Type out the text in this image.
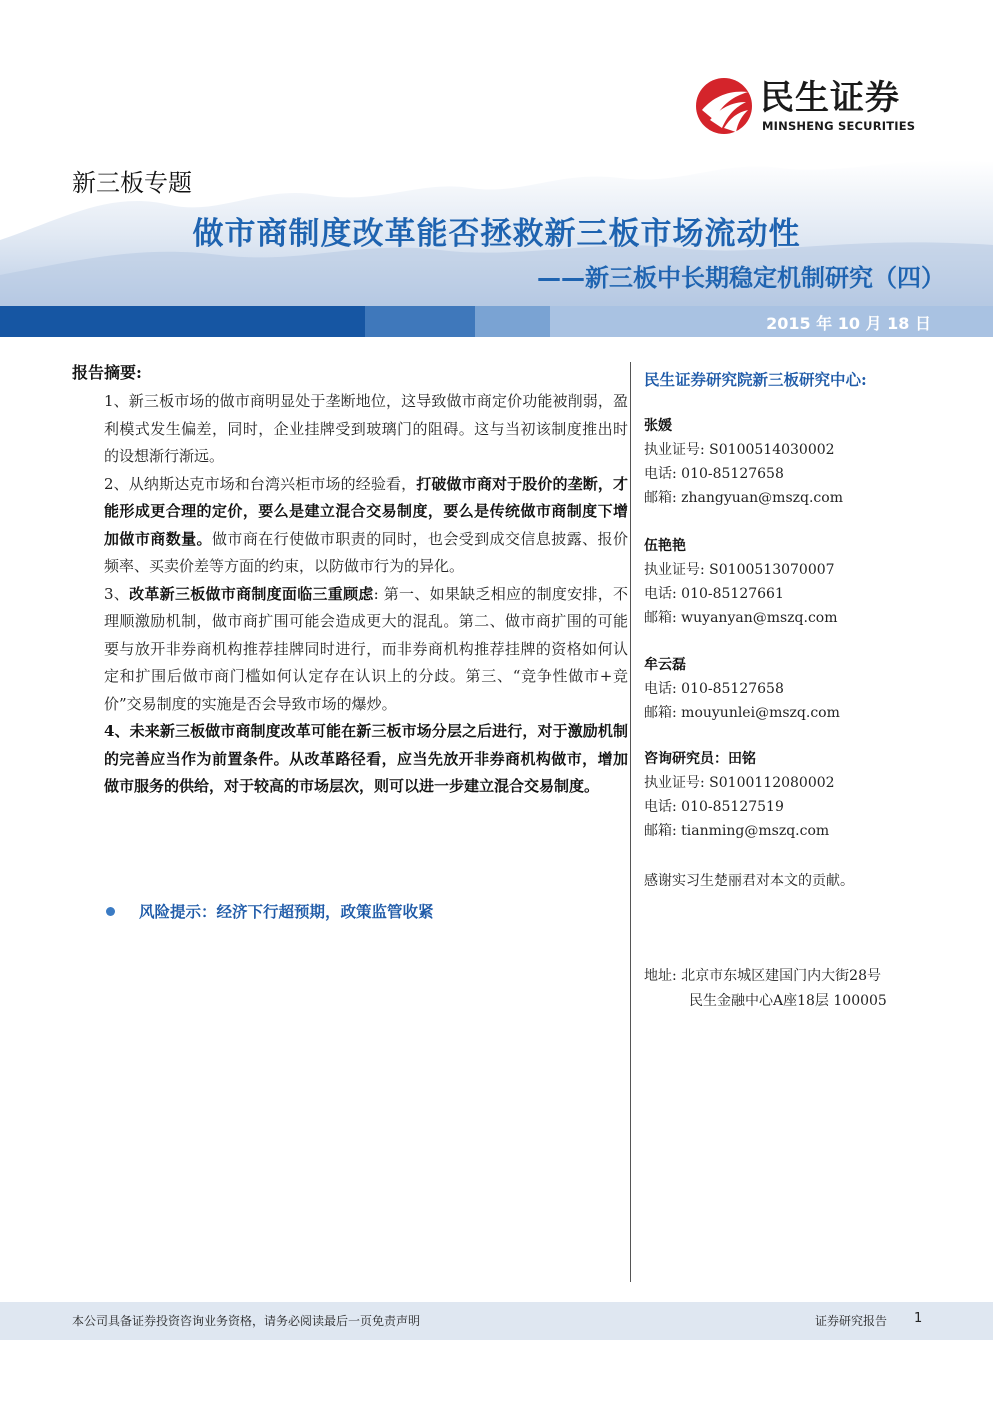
民生证券
MINSHENG SECURITIES
新三板专题
做市商制度改革能否拯救新三板市场流动性
——新三板中长期稳定机制研究（四）
2015 年 10 月 18 日
报告摘要:

1、新三板市场的做市商明显处于垄断地位，这导致做市商定价功能被削弱，盈利模式发生偏差，同时，企业挂牌受到玻璃门的阻碍。这与当初该制度推出时的设想渐行渐远。

2、从纳斯达克市场和台湾兴柜市场的经验看，打破做市商对于股价的垄断，才能形成更合理的定价，要么是建立混合交易制度，要么是传统做市商制度下增加做市商数量。做市商在行使做市职责的同时，也会受到成交信息披露、报价频率、买卖价差等方面的约束，以防做市行为的异化。

3、改革新三板做市商制度面临三重顾虑: 第一、如果缺乏相应的制度安排，不理顺激励机制，做市商扩围可能会造成更大的混乱。第二、做市商扩围的可能要与放开非券商机构推荐挂牌同时进行，而非券商机构推荐挂牌的资格如何认定和扩围后做市商门槛如何认定存在认识上的分歧。第三、“竞争性做市+竞价”交易制度的实施是否会导致市场的爆炒。

4、未来新三板做市商制度改革可能在新三板市场分层之后进行，对于激励机制的完善应当作为前置条件。从改革路径看，应当先放开非券商机构做市，增加做市服务的供给，对于较高的市场层次，则可以进一步建立混合交易制度。

风险提示：经济下行超预期，政策监管收紧
民生证券研究院新三板研究中心:
张媛
执业证号: S0100514030002
电话: 010-85127658
邮箱: zhangyuan@mszq.com
伍艳艳
执业证号: S0100513070007
电话: 010-85127661
邮箱: wuyanyan@mszq.com
牟云磊
电话: 010-85127658
邮箱: mouyunlei@mszq.com
咨询研究员：田铭
执业证号: S0100112080002
电话: 010-85127519
邮箱: tianming@mszq.com
感谢实习生楚丽君对本文的贡献。
地址: 北京市东城区建国门内大街28号
民生金融中心A座18层 100005
本公司具备证券投资咨询业务资格，请务必阅读最后一页免责声明	证券研究报告 1
